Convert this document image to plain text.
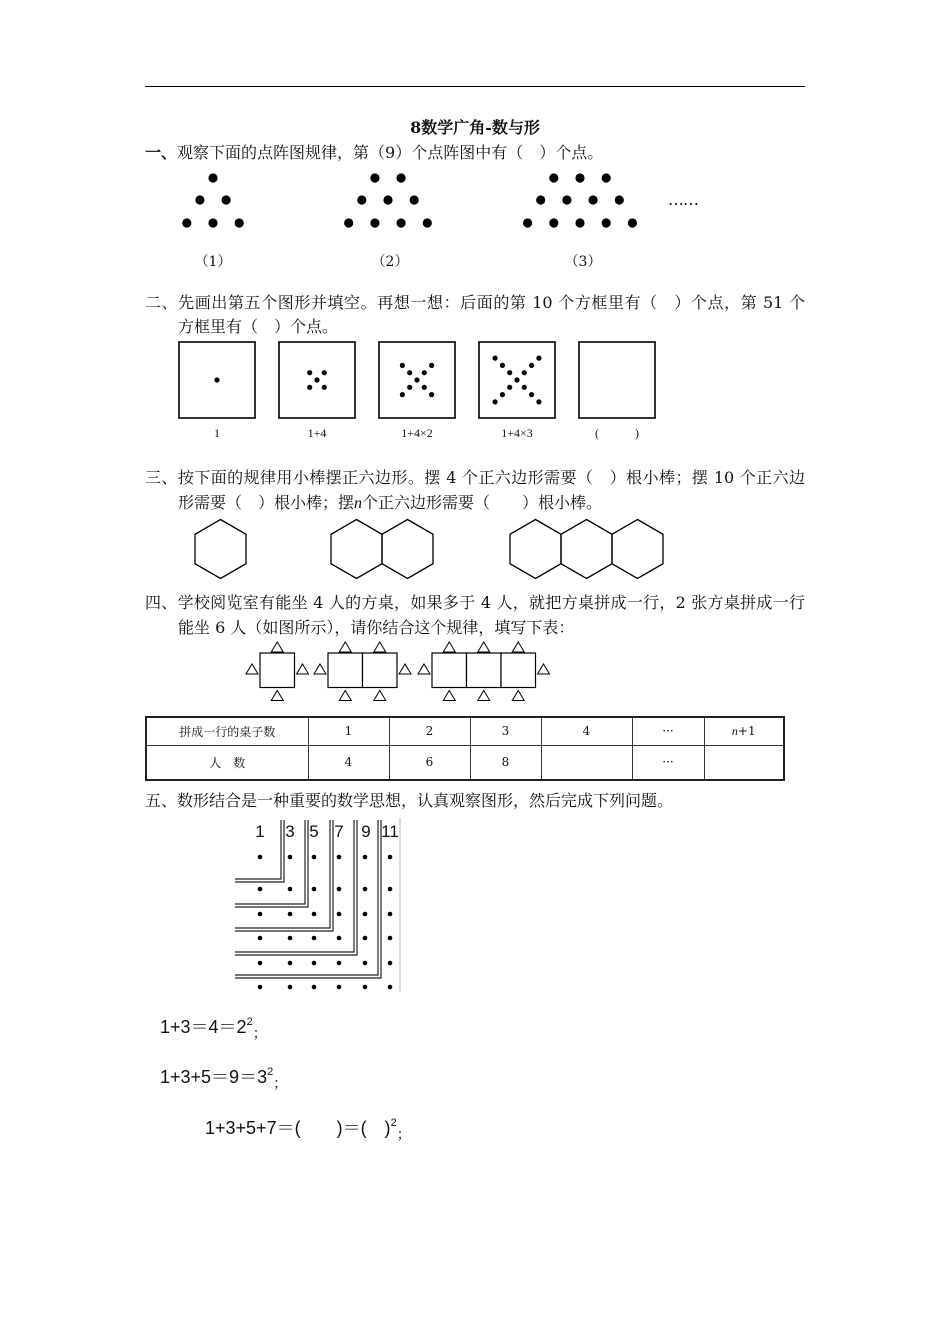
8数学广角-数与形
一、观察下面的点阵图规律，第（9）个点阵图中有（　）个点。
……
（1）	（2）	（3）
二、先画出第五个图形并填空。再想一想：后面的第 10 个方框里有（　）个点，第 51 个
方框里有（　）个点。
1	1+4	1+4×2	1+4×3	(　　　)
三、按下面的规律用小棒摆正六边形。摆 4 个正六边形需要（　）根小棒；摆 10 个正六边
形需要（　）根小棒；摆n个正六边形需要（　　）根小棒。
四、学校阅览室有能坐 4 人的方桌，如果多于 4 人，就把方桌拼成一行，2 张方桌拼成一行
能坐 6 人（如图所示），请你结合这个规律，填写下表：
拼成一行的桌子数	1	2	3	4	···	n+1
人　数	4	6	8		···	
五、数形结合是一种重要的数学思想，认真观察图形，然后完成下列问题。
1	3 5 7	9 11
$1+3=4=2^2_;$
$1+3+5=9=3^2_;$
1+3+5+7＝(　　)＝(　)$^2_;$
